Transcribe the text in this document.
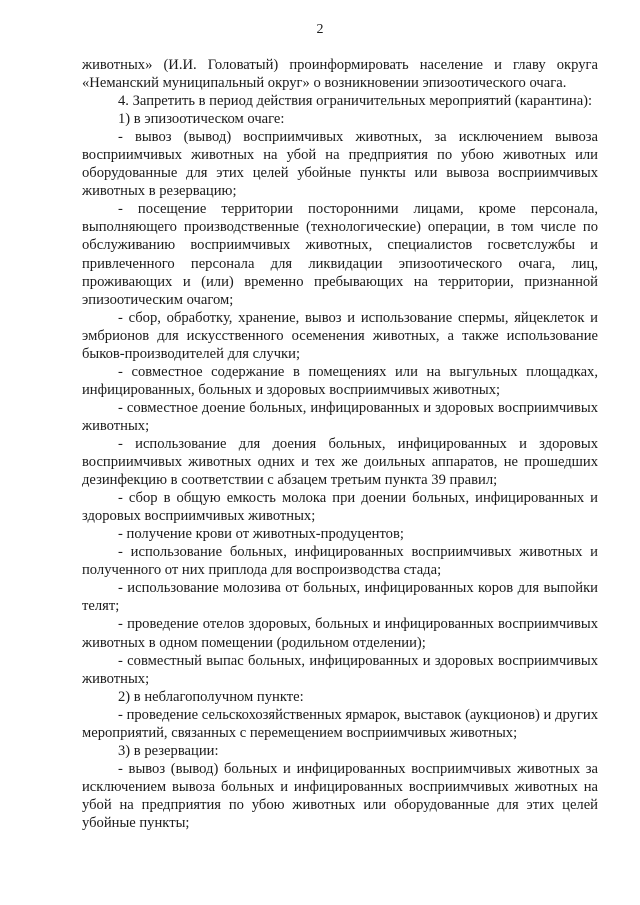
2

животных» (И.И. Головатый) проинформировать население и главу округа «Неманский муниципальный округ» о возникновении эпизоотического очага.

4. Запретить в период действия ограничительных мероприятий (карантина):

1) в эпизоотическом очаге:

- вывоз (вывод) восприимчивых животных, за исключением вывоза восприимчивых животных на убой на предприятия по убою животных или оборудованные для этих целей убойные пункты или вывоза восприимчивых животных в резервацию;

- посещение территории посторонними лицами, кроме персонала, выполняющего производственные (технологические) операции, в том числе по обслуживанию восприимчивых животных, специалистов госветслужбы и привлеченного персонала для ликвидации эпизоотического очага, лиц, проживающих и (или) временно пребывающих на территории, признанной эпизоотическим очагом;

- сбор, обработку, хранение, вывоз и использование спермы, яйцеклеток и эмбрионов для искусственного осеменения животных, а также использование быков-производителей для случки;

- совместное содержание в помещениях или на выгульных площадках, инфицированных, больных и здоровых восприимчивых животных;

- совместное доение больных, инфицированных и здоровых восприимчивых животных;

- использование для доения больных, инфицированных и здоровых восприимчивых животных одних и тех же доильных аппаратов, не прошедших дезинфекцию в соответствии с абзацем третьим пункта 39 правил;

- сбор в общую емкость молока при доении больных, инфицированных и здоровых восприимчивых животных;

- получение крови от животных-продуцентов;

- использование больных, инфицированных восприимчивых животных и полученного от них приплода для воспроизводства стада;

- использование молозива от больных, инфицированных коров для выпойки телят;

- проведение отелов здоровых, больных и инфицированных восприимчивых животных в одном помещении (родильном отделении);

- совместный выпас больных, инфицированных и здоровых восприимчивых животных;

2) в неблагополучном пункте:

- проведение сельскохозяйственных ярмарок, выставок (аукционов) и других мероприятий, связанных с перемещением восприимчивых животных;

3) в резервации:

- вывоз (вывод) больных и инфицированных восприимчивых животных за исключением вывоза больных и инфицированных восприимчивых животных на убой на предприятия по убою животных или оборудованные для этих целей убойные пункты;
